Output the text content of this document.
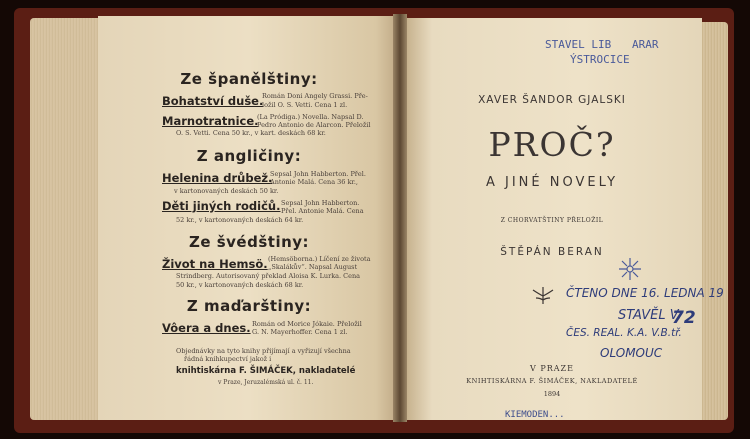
Ze španělštiny:
Bohatství duše.
Román Doni Angely Grassi. Pře-
ložil O. S. Vetti. Cena 1 zl.
Marnotratnice.
(La Pródiga.) Novella. Napsal D.
Pedro Antonio de Alarcon. Přeložil
O. S. Vetti. Cena 50 kr., v kart. deskách 68 kr.
Z angličiny:
Helenina drůbež.
Sepsal John Habberton. Přel.
Antonie Malá. Cena 36 kr.,
v kartonovaných deskách 50 kr.
Děti jiných rodičů. Sepsal John Habberton.
Přel. Antonie Malá. Cena
52 kr., v kartonovaných deskách 64 kr.
Ze švédštiny:
Život na Hemsö. (Hemsöborna.) Líčení ze života
„Skalákův“. Napsal August
Strindberg. Autorisovaný překlad Aloisa K. Lurka. Cena
50 kr., v kartonovaných deskách 68 kr.
Z maďarštiny:
Vôera a dnes. Román od Morice Jókaie. Přeložil
G. N. Mayerhoffer. Cena 1 zl.
Objednávky na tyto knihy přijímají a vyřizují všechna
řádná knihkupectví jakož i
knihtiskárna F. ŠIMÁČEK, nakladatelé
v Praze, Jeruzalémská ul. č. 11.
STAVEL LIB ARAR
ÝSTROCICE
XAVER ŠANDOR GJALSKI
PROČ?
A JINÉ NOVELY
Z CHORVATŠTINY PŘELOŽIL
ŠTĚPÁN BERAN
ČTENO DNE 16. LEDNA 19
STAVĚL V.
72
ČES. REAL. K.A. V.B.tř.
OLOMOUC
V PRAZE
KNIHTISKÁRNA F. ŠIMÁČEK, NAKLADATELÉ
1894
KIEMODEN...
